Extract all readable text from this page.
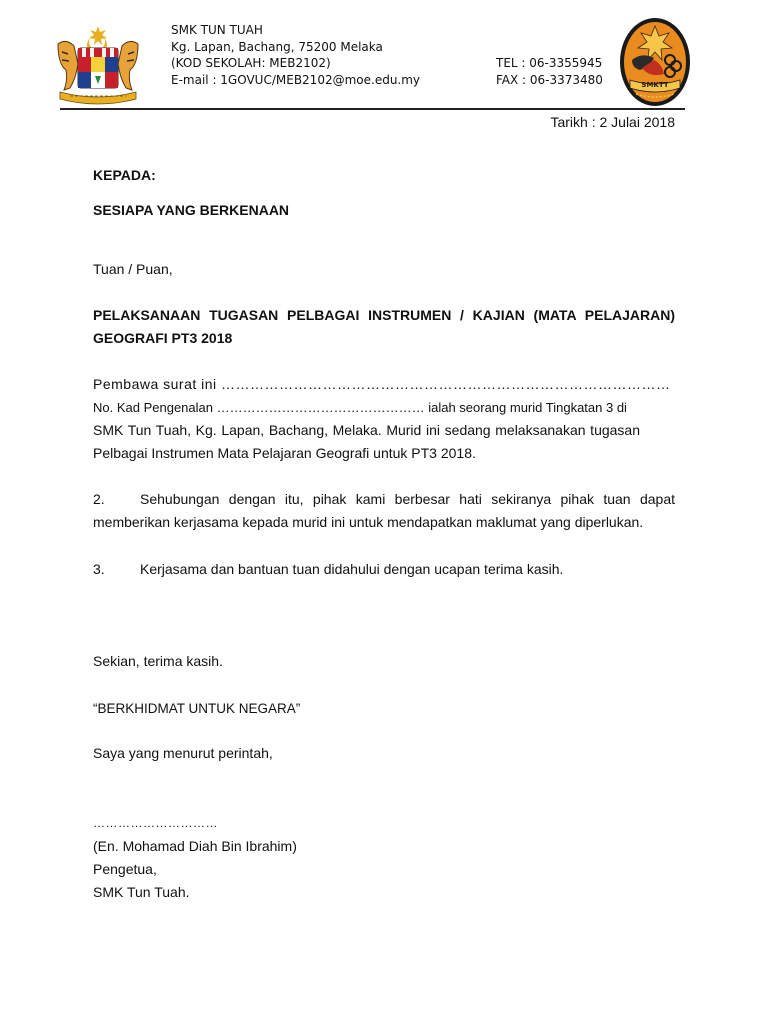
SMK TUN TUAH
Kg. Lapan, Bachang, 75200 Melaka
(KOD SEKOLAH: MEB2102)
E-mail : 1GOVUC/MEB2102@moe.edu.my
TEL : 06-3355945
FAX : 06-3373480	SMKTT
Tarikh : 2 Julai 2018
KEPADA:
SESIAPA YANG BERKENAAN
Tuan / Puan,
PELAKSANAAN TUGASAN PELBAGAI INSTRUMEN / KAJIAN (MATA PELAJARAN)
GEOGRAFI PT3 2018
Pembawa surat ini …………………………………………………………………………………
No. Kad Pengenalan ………………………………………… ialah seorang murid Tingkatan 3 di
SMK Tun Tuah, Kg. Lapan, Bachang, Melaka. Murid ini sedang melaksanakan tugasan
Pelbagai Instrumen Mata Pelajaran Geografi untuk PT3 2018.
2.	Sehubungan dengan itu, pihak kami berbesar hati sekiranya pihak tuan dapat
memberikan kerjasama kepada murid ini untuk mendapatkan maklumat yang diperlukan.
3.	Kerjasama dan bantuan tuan didahului dengan ucapan terima kasih.
Sekian, terima kasih.
“BERKHIDMAT UNTUK NEGARA”
Saya yang menurut perintah,
…………………………
(En. Mohamad Diah Bin Ibrahim)
Pengetua,
SMK Tun Tuah.
